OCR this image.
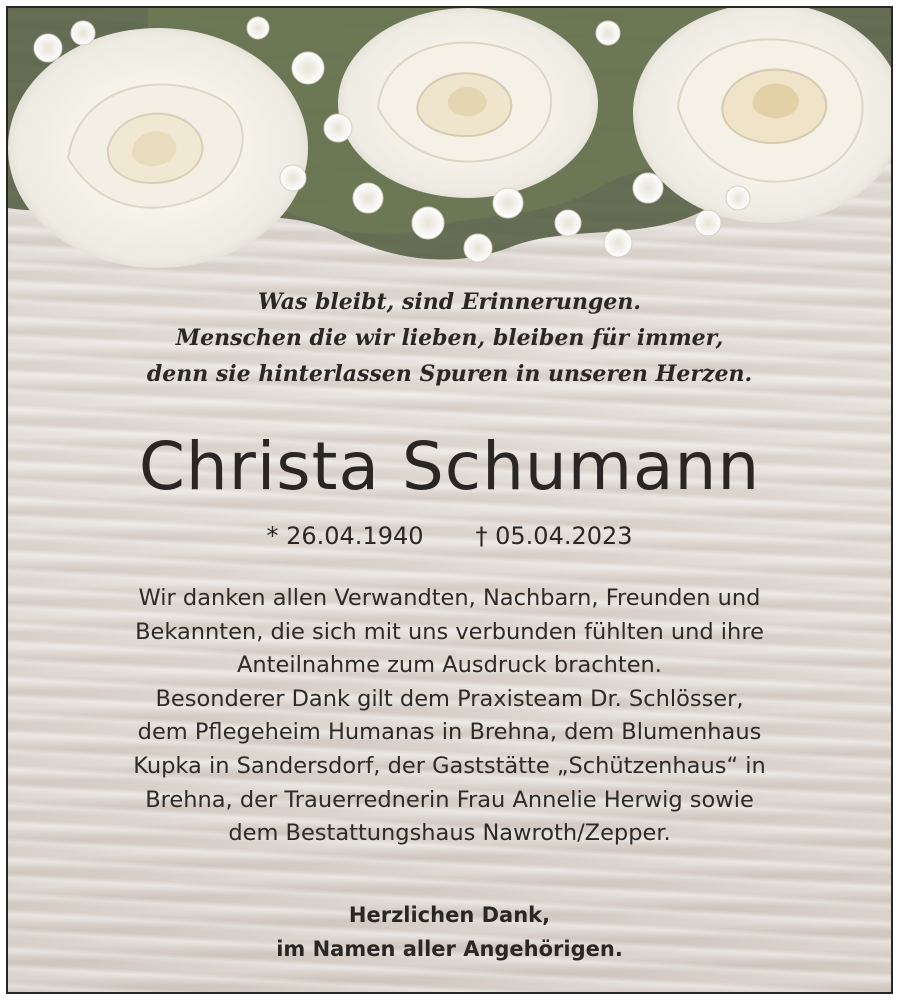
Was bleibt, sind Erinnerungen.
Menschen die wir lieben, bleiben für immer,
denn sie hinterlassen Spuren in unseren Herzen.
Christa Schumann
* 26.04.1940 † 05.04.2023
Wir danken allen Verwandten, Nachbarn, Freunden und
Bekannten, die sich mit uns verbunden fühlten und ihre
Anteilnahme zum Ausdruck brachten.
Besonderer Dank gilt dem Praxisteam Dr. Schlösser,
dem Pflegeheim Humanas in Brehna, dem Blumenhaus
Kupka in Sandersdorf, der Gaststätte „Schützenhaus“ in
Brehna, der Trauerrednerin Frau Annelie Herwig sowie
dem Bestattungshaus Nawroth/Zepper.
Herzlichen Dank,
im Namen aller Angehörigen.
